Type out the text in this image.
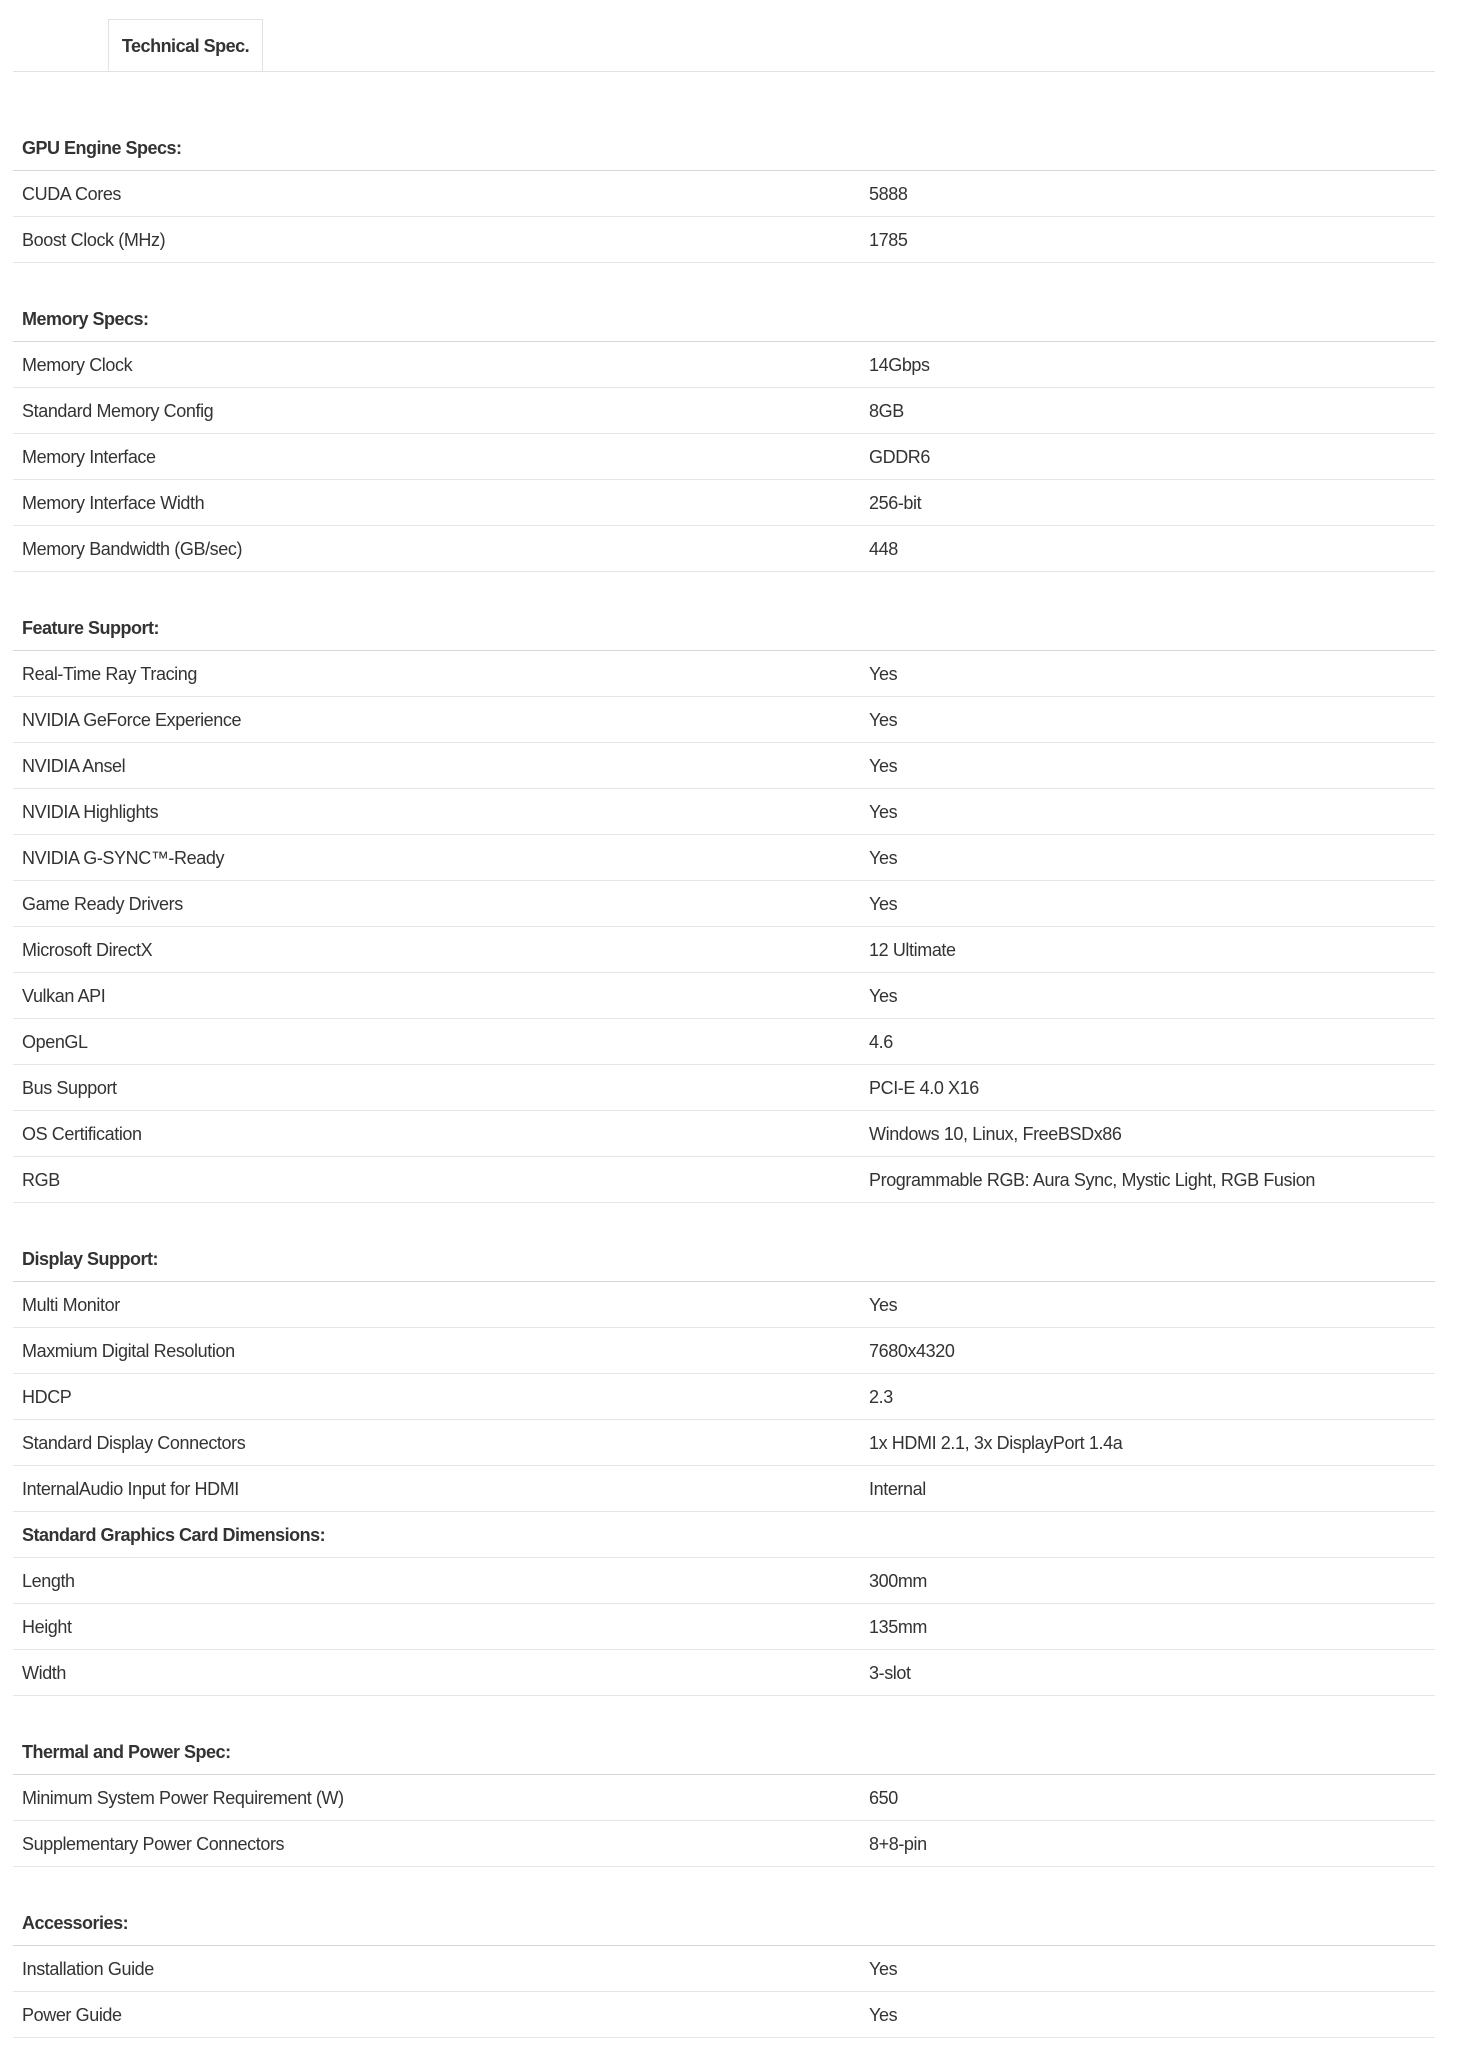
Technical Spec.
GPU Engine Specs:
CUDA Cores	5888
Boost Clock (MHz)	1785
Memory Specs:
Memory Clock	14Gbps
Standard Memory Config	8GB
Memory Interface	GDDR6
Memory Interface Width	256-bit
Memory Bandwidth (GB/sec)	448
Feature Support:
Real-Time Ray Tracing	Yes
NVIDIA GeForce Experience	Yes
NVIDIA Ansel	Yes
NVIDIA Highlights	Yes
NVIDIA G-SYNC™-Ready	Yes
Game Ready Drivers	Yes
Microsoft DirectX	12 Ultimate
Vulkan API	Yes
OpenGL	4.6
Bus Support	PCI-E 4.0 X16
OS Certification	Windows 10, Linux, FreeBSDx86
RGB	Programmable RGB: Aura Sync, Mystic Light, RGB Fusion
Display Support:
Multi Monitor	Yes
Maxmium Digital Resolution	7680x4320
HDCP	2.3
Standard Display Connectors	1x HDMI 2.1, 3x DisplayPort 1.4a
InternalAudio Input for HDMI	Internal
Standard Graphics Card Dimensions:
Length	300mm
Height	135mm
Width	3-slot
Thermal and Power Spec:
Minimum System Power Requirement (W)	650
Supplementary Power Connectors	8+8-pin
Accessories:
Installation Guide	Yes
Power Guide	Yes
